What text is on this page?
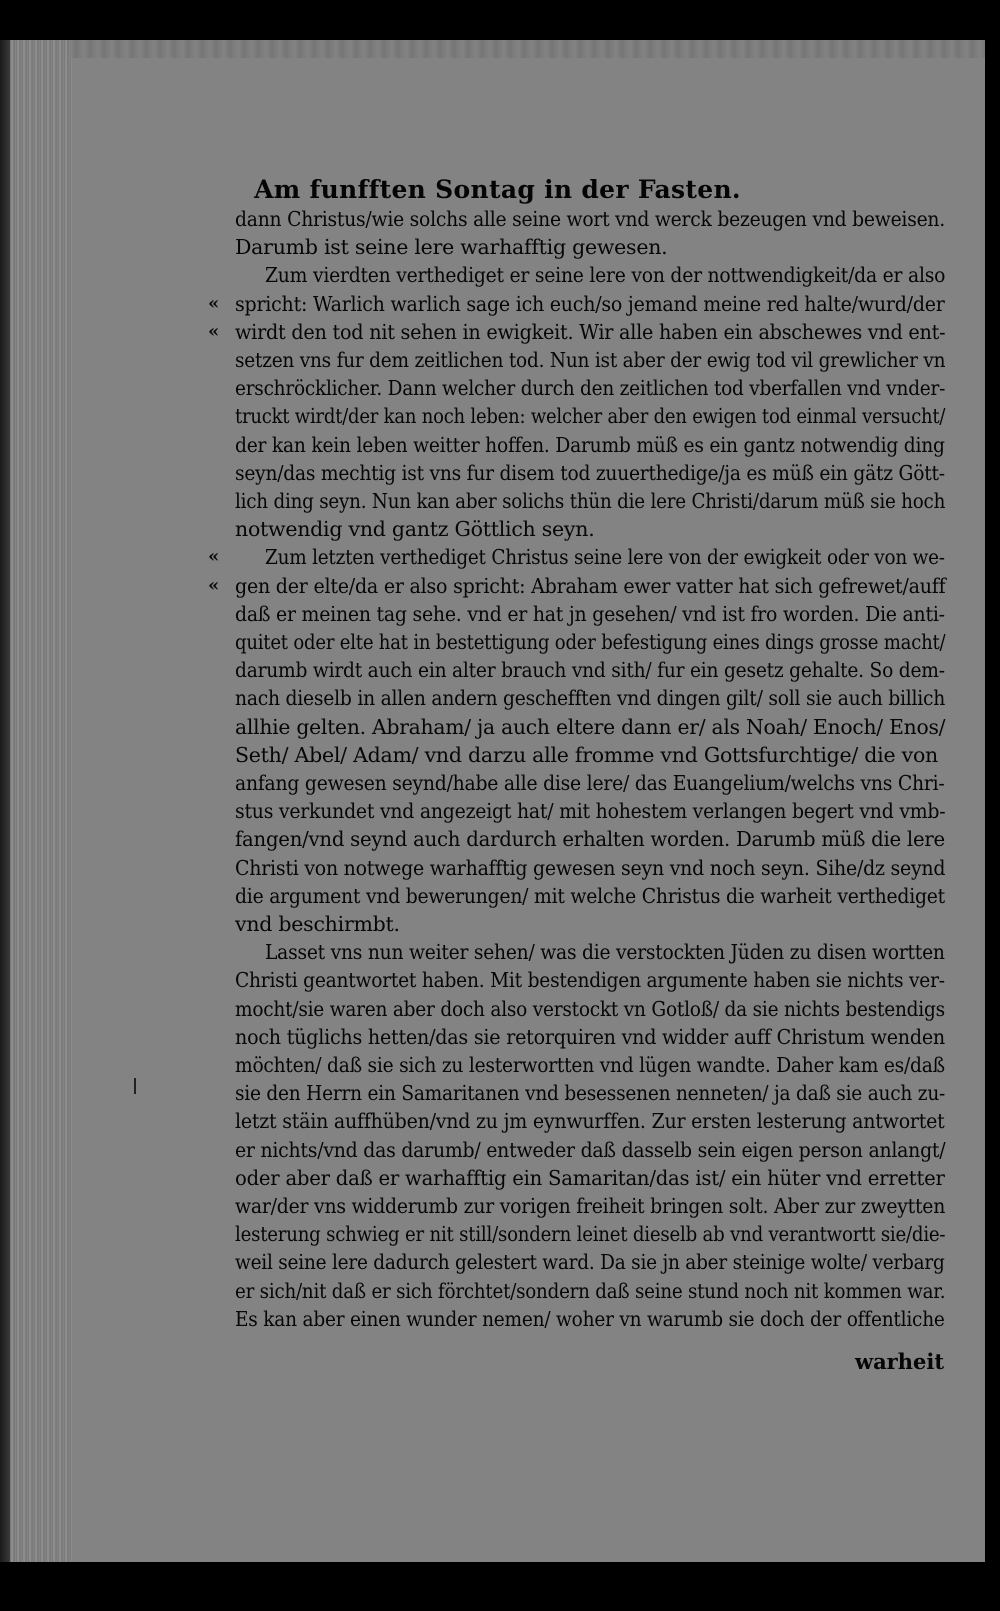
Am funfften Sontag in der Fasten.
dann Christus/wie solchs alle seine wort vnd werck bezeugen vnd beweisen.
Darumb ist seine lere warhafftig gewesen.
Zum vierdten verthediget er seine lere von der nottwendigkeit/da er also
spricht: Warlich warlich sage ich euch/so jemand meine red halte/wurd/der
wirdt den tod nit sehen in ewigkeit. Wir alle haben ein abschewes vnd ent-
setzen vns fur dem zeitlichen tod. Nun ist aber der ewig tod vil grewlicher vn
erschröcklicher. Dann welcher durch den zeitlichen tod vberfallen vnd vnder-
truckt wirdt/der kan noch leben: welcher aber den ewigen tod einmal versucht/
der kan kein leben weitter hoffen. Darumb müß es ein gantz notwendig ding
seyn/das mechtig ist vns fur disem tod zuuerthedige/ja es müß ein gätz Gött-
lich ding seyn. Nun kan aber solichs thün die lere Christi/darum müß sie hoch
notwendig vnd gantz Göttlich seyn.
Zum letzten verthediget Christus seine lere von der ewigkeit oder von we-
gen der elte/da er also spricht: Abraham ewer vatter hat sich gefrewet/auff
daß er meinen tag sehe. vnd er hat jn gesehen/ vnd ist fro worden. Die anti-
quitet oder elte hat in bestettigung oder befestigung eines dings grosse macht/
darumb wirdt auch ein alter brauch vnd sith/ fur ein gesetz gehalte. So dem-
nach dieselb in allen andern geschefften vnd dingen gilt/ soll sie auch billich
allhie gelten. Abraham/ ja auch eltere dann er/ als Noah/ Enoch/ Enos/
Seth/ Abel/ Adam/ vnd darzu alle fromme vnd Gottsfurchtige/ die von
anfang gewesen seynd/habe alle dise lere/ das Euangelium/welchs vns Chri-
stus verkundet vnd angezeigt hat/ mit hohestem verlangen begert vnd vmb-
fangen/vnd seynd auch dardurch erhalten worden. Darumb müß die lere
Christi von notwege warhafftig gewesen seyn vnd noch seyn. Sihe/dz seynd
die argument vnd bewerungen/ mit welche Christus die warheit verthediget
vnd beschirmbt.
Lasset vns nun weiter sehen/ was die verstockten Jüden zu disen wortten
Christi geantwortet haben. Mit bestendigen argumente haben sie nichts ver-
mocht/sie waren aber doch also verstockt vn Gotloß/ da sie nichts bestendigs
noch tüglichs hetten/das sie retorquiren vnd widder auff Christum wenden
möchten/ daß sie sich zu lesterwortten vnd lügen wandte. Daher kam es/daß
sie den Herrn ein Samaritanen vnd besessenen nenneten/ ja daß sie auch zu-
letzt stäin auffhüben/vnd zu jm eynwurffen. Zur ersten lesterung antwortet
er nichts/vnd das darumb/ entweder daß dasselb sein eigen person anlangt/
oder aber daß er warhafftig ein Samaritan/das ist/ ein hüter vnd erretter
war/der vns widderumb zur vorigen freiheit bringen solt. Aber zur zweytten
lesterung schwieg er nit still/sondern leinet dieselb ab vnd verantwortt sie/die-
weil seine lere dadurch gelestert ward. Da sie jn aber steinige wolte/ verbarg
er sich/nit daß er sich förchtet/sondern daß seine stund noch nit kommen war.
Es kan aber einen wunder nemen/ woher vn warumb sie doch der offentliche
«
«
«
«
warheit
